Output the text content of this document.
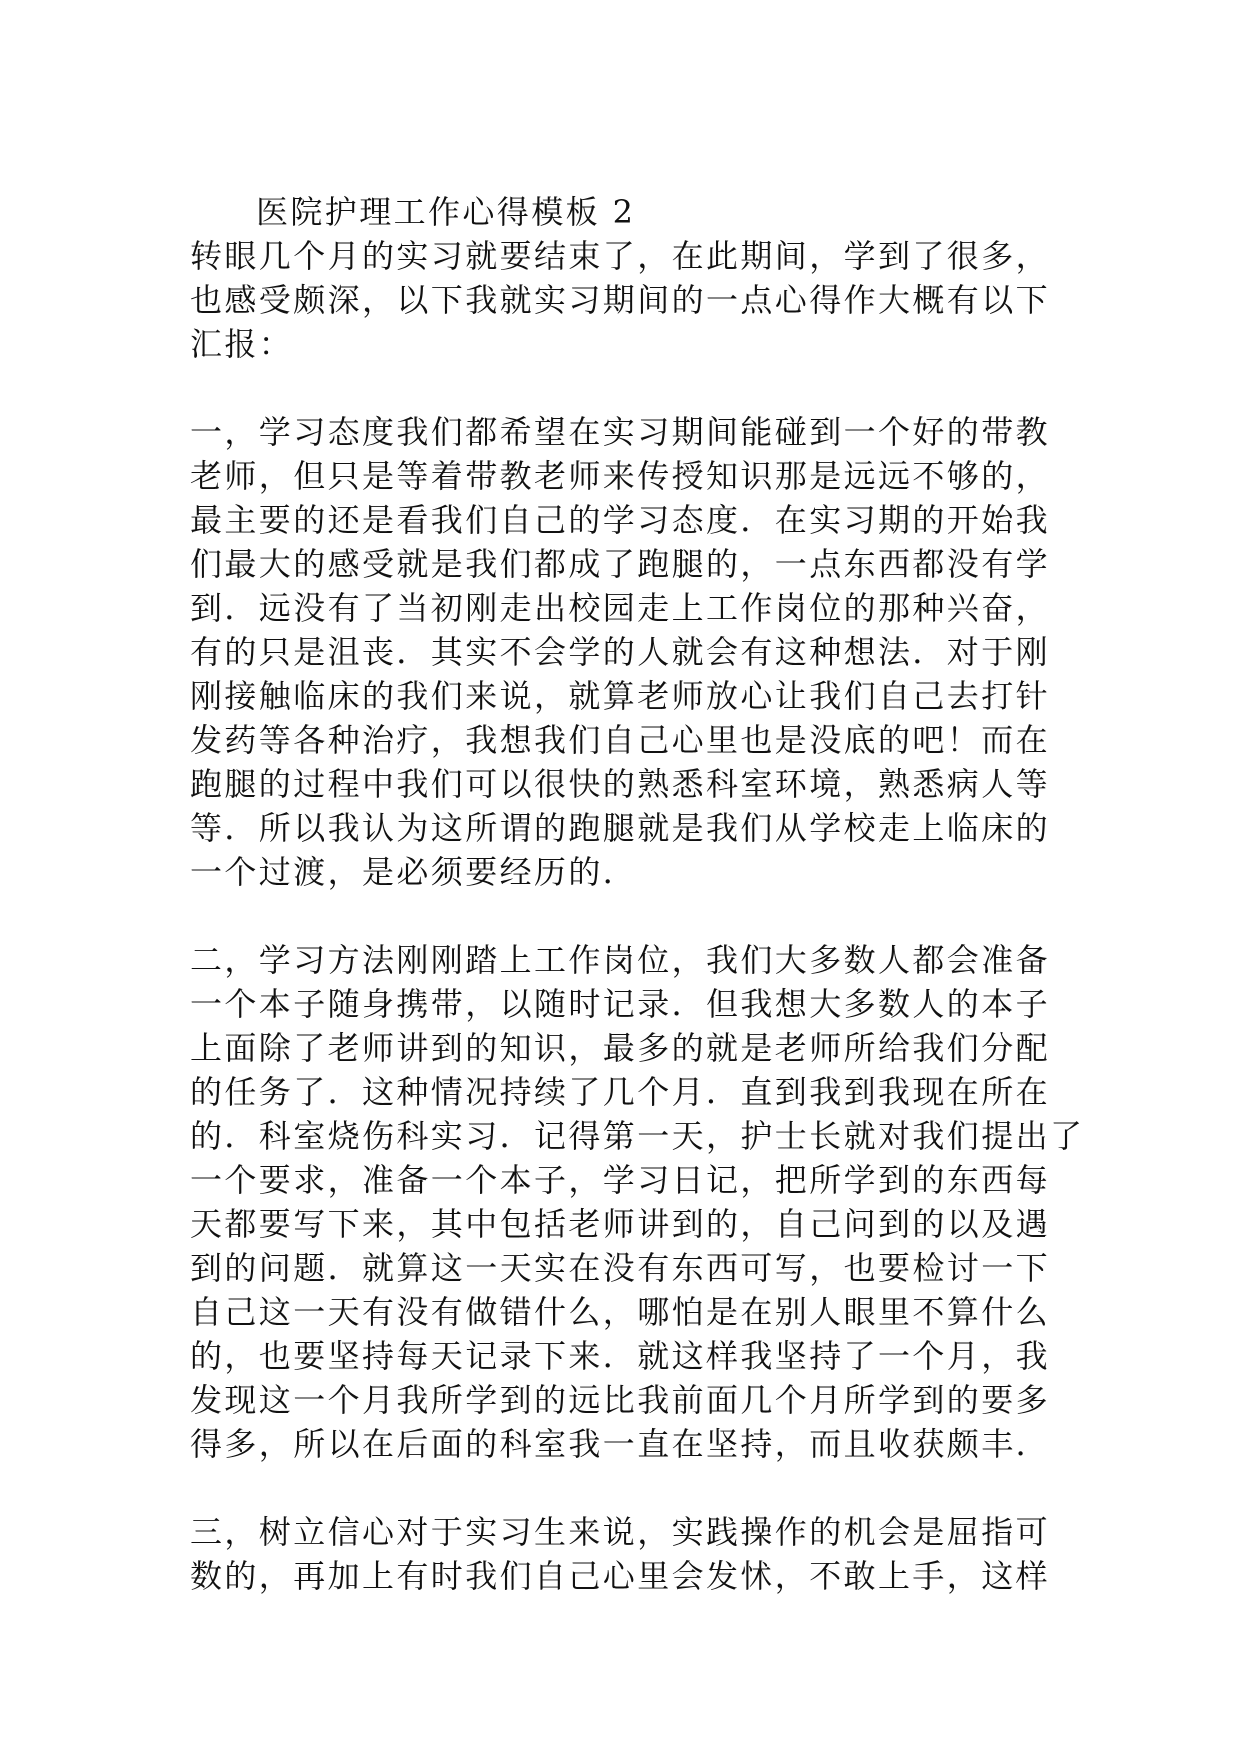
医院护理工作心得模板 2
转眼几个月的实习就要结束了，在此期间，学到了很多，
也感受颇深，以下我就实习期间的一点心得作大概有以下
汇报：
一，学习态度我们都希望在实习期间能碰到一个好的带教
老师，但只是等着带教老师来传授知识那是远远不够的，
最主要的还是看我们自己的学习态度．在实习期的开始我
们最大的感受就是我们都成了跑腿的，一点东西都没有学
到．远没有了当初刚走出校园走上工作岗位的那种兴奋，
有的只是沮丧．其实不会学的人就会有这种想法．对于刚
刚接触临床的我们来说，就算老师放心让我们自己去打针
发药等各种治疗，我想我们自己心里也是没底的吧！而在
跑腿的过程中我们可以很快的熟悉科室环境，熟悉病人等
等．所以我认为这所谓的跑腿就是我们从学校走上临床的
一个过渡，是必须要经历的．
二，学习方法刚刚踏上工作岗位，我们大多数人都会准备
一个本子随身携带，以随时记录．但我想大多数人的本子
上面除了老师讲到的知识，最多的就是老师所给我们分配
的任务了．这种情况持续了几个月．直到我到我现在所在
的．科室烧伤科实习．记得第一天，护士长就对我们提出了
一个要求，准备一个本子，学习日记，把所学到的东西每
天都要写下来，其中包括老师讲到的，自己问到的以及遇
到的问题．就算这一天实在没有东西可写，也要检讨一下
自己这一天有没有做错什么，哪怕是在别人眼里不算什么
的，也要坚持每天记录下来．就这样我坚持了一个月，我
发现这一个月我所学到的远比我前面几个月所学到的要多
得多，所以在后面的科室我一直在坚持，而且收获颇丰．
三，树立信心对于实习生来说，实践操作的机会是屈指可
数的，再加上有时我们自己心里会发怵，不敢上手，这样
